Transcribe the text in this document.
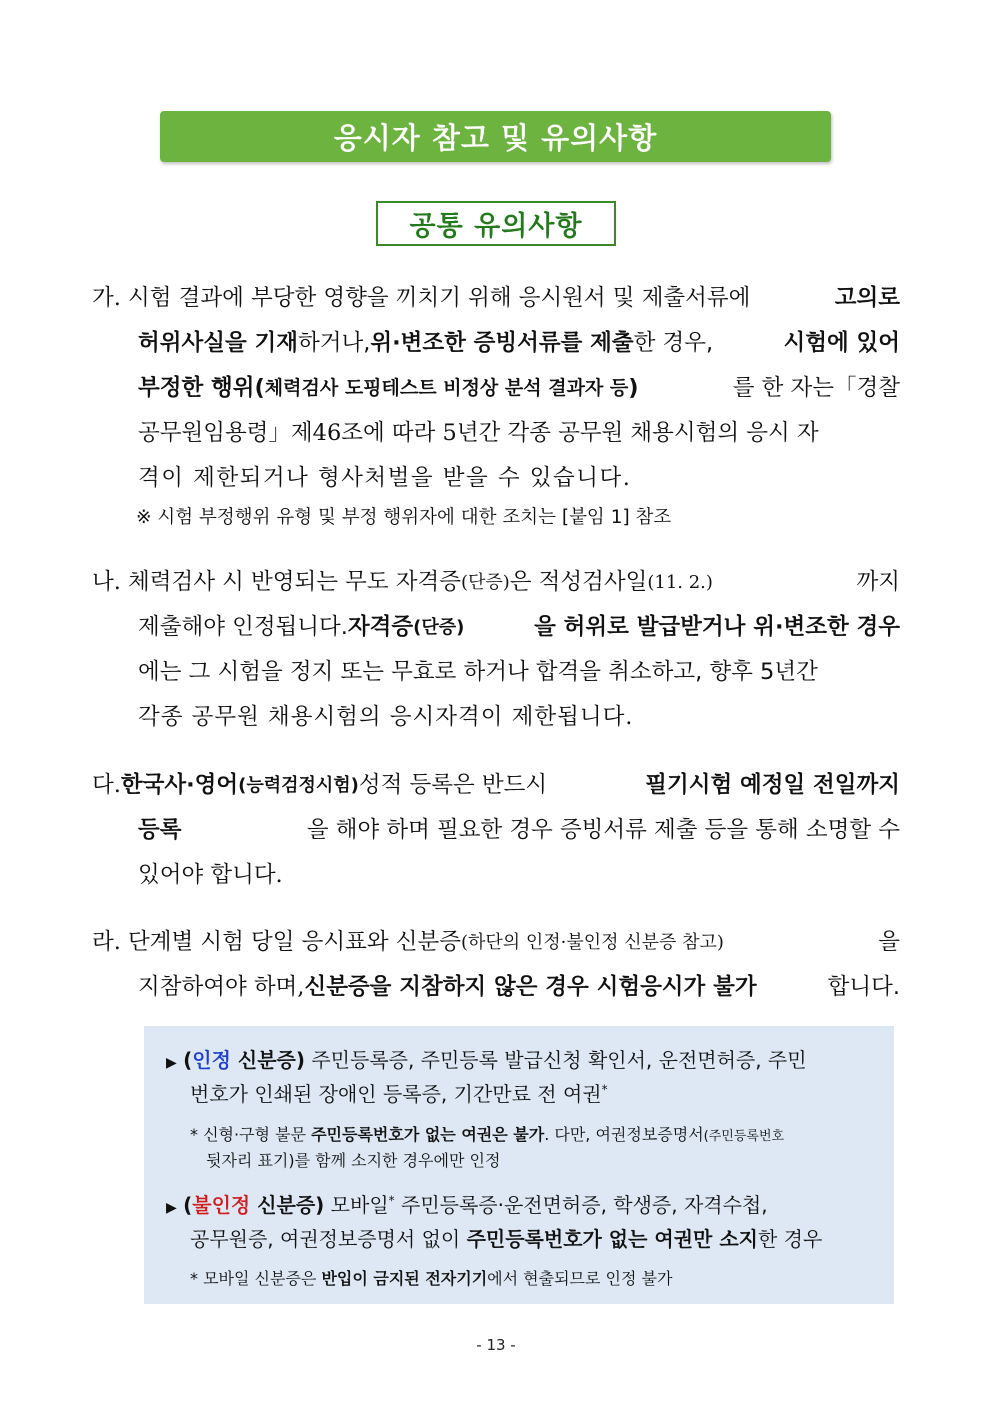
응시자 참고 및 유의사항
공통 유의사항
가. 시험 결과에 부당한 영향을 끼치기 위해 응시원서 및 제출서류에	고의로
허위사실을 기재 하거나, 위·변조한 증빙서류를 제출 한 경우,	시험에 있어
부정한 행위( 체력검사 도핑테스트 비정상 분석 결과자 등 )	를 한 자는「경찰
공무원임용령」제46조에 따라 5년간 각종 공무원 채용시험의 응시 자
격이 제한되거나 형사처벌을 받을 수 있습니다.
※ 시험 부정행위 유형 및 부정 행위자에 대한 조치는 [붙임 1] 참조
나. 체력검사 시 반영되는 무도 자격증 (단증) 은 적성검사일 (11. 2.)	까지
제출해야 인정됩니다. 자격증 (단증)	을 허위로 발급받거나 위·변조한 경우
에는 그 시험을 정지 또는 무효로 하거나 합격을 취소하고, 향후 5년간
각종 공무원 채용시험의 응시자격이 제한됩니다.
다. 한국사·영어 (능력검정시험) 성적 등록은 반드시	필기시험 예정일 전일까지
등록	을 해야 하며 필요한 경우 증빙서류 제출 등을 통해 소명할 수
있어야 합니다.
라. 단계별 시험 당일 응시표와 신분증 (하단의 인정·불인정 신분증 참고)	을
지참하여야 하며, 신분증을 지참하지 않은 경우 시험응시가 불가	합니다.
▶ (인정 신분증) 주민등록증, 주민등록 발급신청 확인서, 운전면허증, 주민
번호가 인쇄된 장애인 등록증, 기간만료 전 여권*
* 신형·구형 불문 주민등록번호가 없는 여권은 불가. 다만, 여권정보증명서(주민등록번호
뒷자리 표기)를 함께 소지한 경우에만 인정
▶ (불인정 신분증) 모바일* 주민등록증·운전면허증, 학생증, 자격수첩,
공무원증, 여권정보증명서 없이 주민등록번호가 없는 여권만 소지한 경우
* 모바일 신분증은 반입이 금지된 전자기기에서 현출되므로 인정 불가
- 13 -
